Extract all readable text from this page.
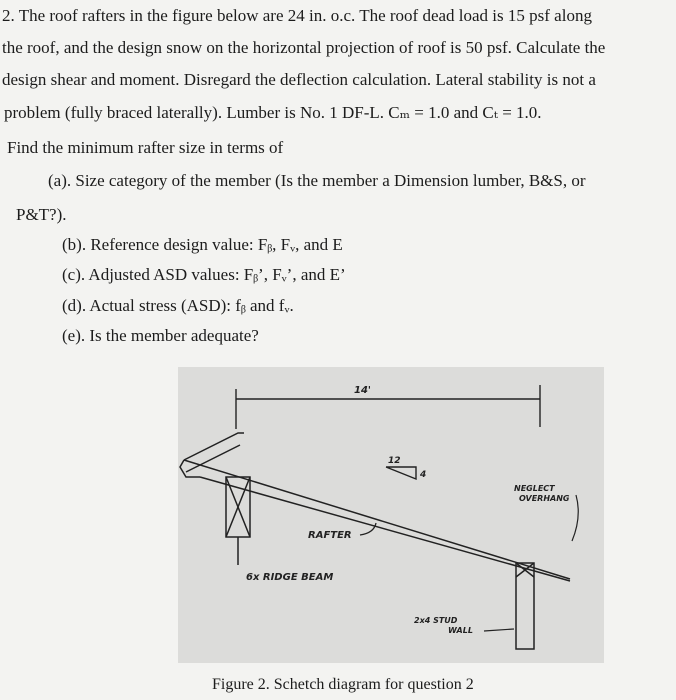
2. The roof rafters in the figure below are 24 in. o.c. The roof dead load is 15 psf along
the roof, and the design snow on the horizontal projection of roof is 50 psf. Calculate the
design shear and moment. Disregard the deflection calculation. Lateral stability is not a
problem (fully braced laterally). Lumber is No. 1 DF-L. Cₘ = 1.0 and Cₜ = 1.0.
Find the minimum rafter size in terms of
(a). Size category of the member (Is the member a Dimension lumber, B&S, or
P&T?).
(b). Reference design value: Fᵦ, Fᵥ, and E
(c). Adjusted ASD values: Fᵦ’, Fᵥ’, and E’
(d). Actual stress (ASD): fᵦ and fᵥ.
(e). Is the member adequate?
14'
12
4
RAFTER
6x RIDGE BEAM
NEGLECT
OVERHANG
2x4 STUD
WALL
Figure 2. Schetch diagram for question 2
